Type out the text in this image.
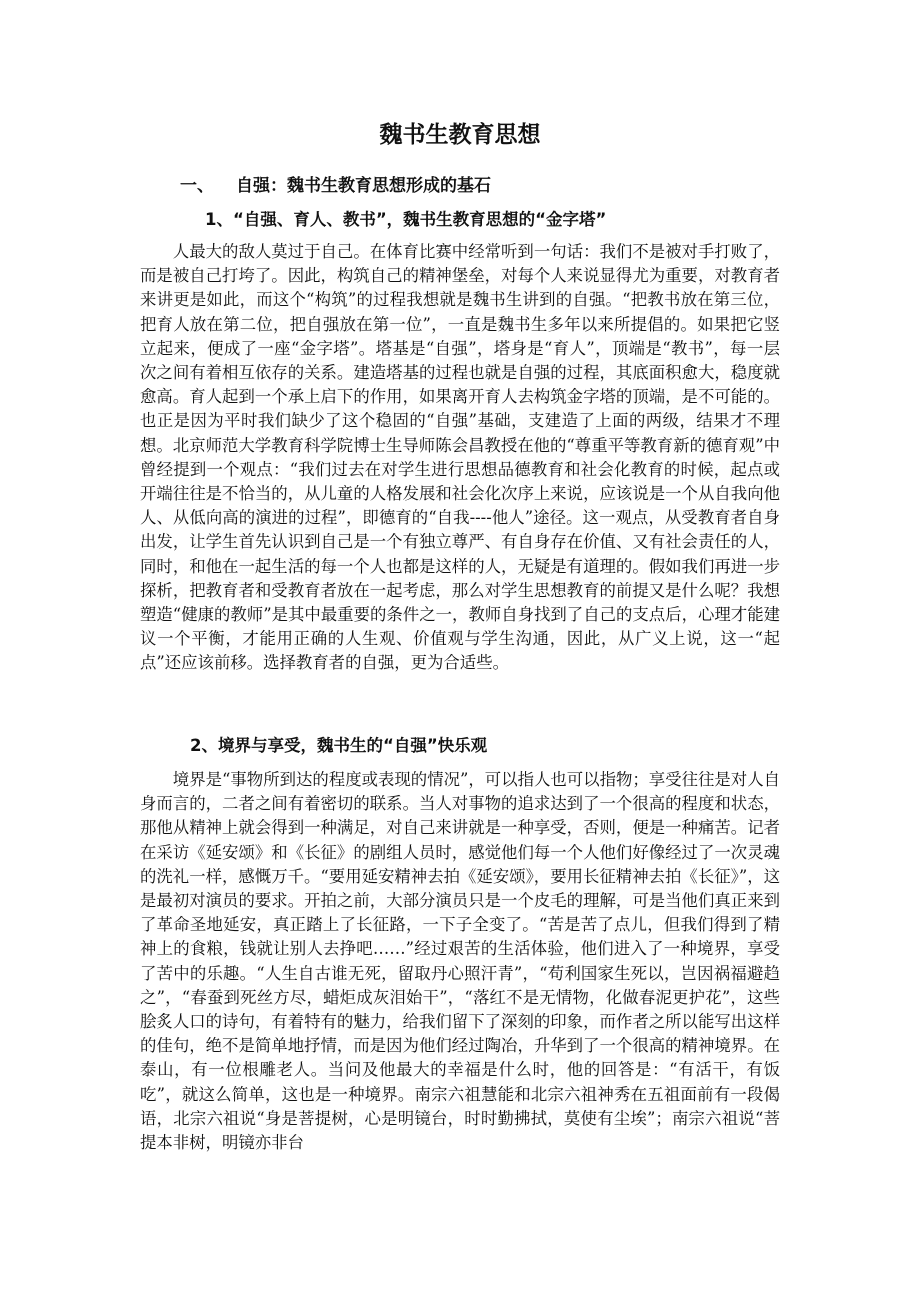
魏书生教育思想
一、 自强：魏书生教育思想形成的基石
1、“自强、育人、教书”，魏书生教育思想的“金字塔”

人最大的敌人莫过于自己。在体育比赛中经常听到一句话：我们不是被对手打败了，而是被自己打垮了。因此，构筑自己的精神堡垒，对每个人来说显得尤为重要，对教育者来讲更是如此，而这个“构筑”的过程我想就是魏书生讲到的自强。“把教书放在第三位，把育人放在第二位，把自强放在第一位”，一直是魏书生多年以来所提倡的。如果把它竖立起来，便成了一座“金字塔”。塔基是“自强”，塔身是“育人”，顶端是“教书”，每一层次之间有着相互依存的关系。建造塔基的过程也就是自强的过程，其底面积愈大，稳度就愈高。育人起到一个承上启下的作用，如果离开育人去构筑金字塔的顶端，是不可能的。也正是因为平时我们缺少了这个稳固的“自强”基础，支建造了上面的两级，结果才不理想。北京师范大学教育科学院博士生导师陈会昌教授在他的“尊重平等教育新的德育观”中曾经提到一个观点：“我们过去在对学生进行思想品德教育和社会化教育的时候，起点或开端往往是不恰当的，从儿童的人格发展和社会化次序上来说，应该说是一个从自我向他人、从低向高的演进的过程”，即德育的“自我----他人”途径。这一观点，从受教育者自身出发，让学生首先认识到自己是一个有独立尊严、有自身存在价值、又有社会责任的人，同时，和他在一起生活的每一个人也都是这样的人，无疑是有道理的。假如我们再进一步探析，把教育者和受教育者放在一起考虑，那么对学生思想教育的前提又是什么呢？我想塑造“健康的教师”是其中最重要的条件之一，教师自身找到了自己的支点后，心理才能建议一个平衡，才能用正确的人生观、价值观与学生沟通，因此，从广义上说，这一“起点”还应该前移。选择教育者的自强，更为合适些。

2、境界与享受，魏书生的“自强”快乐观

境界是“事物所到达的程度或表现的情况”，可以指人也可以指物；享受往往是对人自身而言的，二者之间有着密切的联系。当人对事物的追求达到了一个很高的程度和状态，那他从精神上就会得到一种满足，对自己来讲就是一种享受，否则，便是一种痛苦。记者在采访《延安颂》和《长征》的剧组人员时，感觉他们每一个人他们好像经过了一次灵魂的洗礼一样，感慨万千。“要用延安精神去拍《延安颂》，要用长征精神去拍《长征》”，这是最初对演员的要求。开拍之前，大部分演员只是一个皮毛的理解，可是当他们真正来到了革命圣地延安，真正踏上了长征路，一下子全变了。“苦是苦了点儿，但我们得到了精神上的食粮，钱就让别人去挣吧……”经过艰苦的生活体验，他们进入了一种境界，享受了苦中的乐趣。“人生自古谁无死，留取丹心照汗青”，“苟利国家生死以，岂因祸福避趋之”，“春蚕到死丝方尽，蜡炬成灰泪始干”，“落红不是无情物，化做春泥更护花”，这些脍炙人口的诗句，有着特有的魅力，给我们留下了深刻的印象，而作者之所以能写出这样的佳句，绝不是简单地抒情，而是因为他们经过陶冶，升华到了一个很高的精神境界。在泰山，有一位根雕老人。当问及他最大的幸福是什么时，他的回答是：“有活干，有饭吃”，就这么简单，这也是一种境界。南宗六祖慧能和北宗六祖神秀在五祖面前有一段偈语，北宗六祖说“身是菩提树，心是明镜台，时时勤拂拭，莫使有尘埃”；南宗六祖说“菩提本非树，明镜亦非台
